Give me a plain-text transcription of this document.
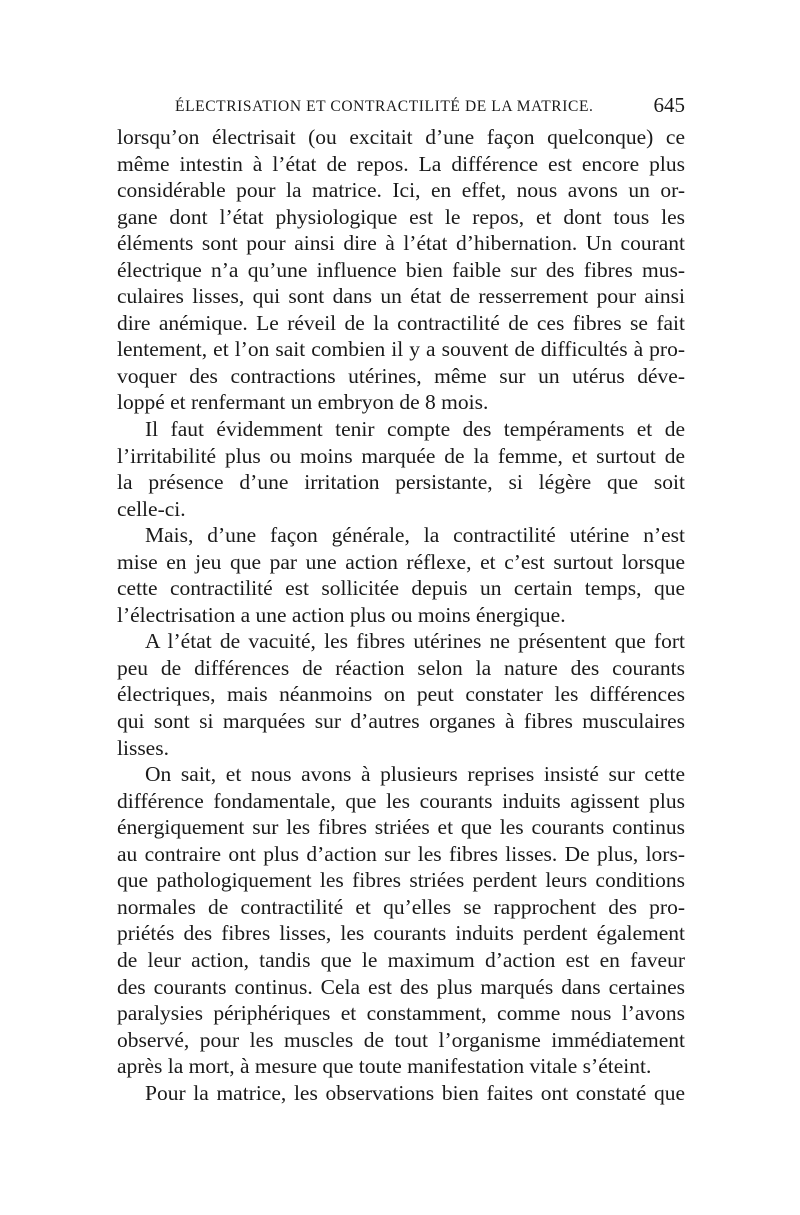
ÉLECTRISATION ET CONTRACTILITÉ DE LA MATRICE.	645
lorsqu’on électrisait (ou excitait d’une façon quelconque) ce
même intestin à l’état de repos. La différence est encore plus
considérable pour la matrice. Ici, en effet, nous avons un or-
gane dont l’état physiologique est le repos, et dont tous les
éléments sont pour ainsi dire à l’état d’hibernation. Un courant
électrique n’a qu’une influence bien faible sur des fibres mus-
culaires lisses, qui sont dans un état de resserrement pour ainsi
dire anémique. Le réveil de la contractilité de ces fibres se fait
lentement, et l’on sait combien il y a souvent de difficultés à pro-
voquer des contractions utérines, même sur un utérus déve-
loppé et renfermant un embryon de 8 mois.
Il faut évidemment tenir compte des tempéraments et de
l’irritabilité plus ou moins marquée de la femme, et surtout de
la présence d’une irritation persistante, si légère que soit
celle-ci.
Mais, d’une façon générale, la contractilité utérine n’est
mise en jeu que par une action réflexe, et c’est surtout lorsque
cette contractilité est sollicitée depuis un certain temps, que
l’électrisation a une action plus ou moins énergique.
A l’état de vacuité, les fibres utérines ne présentent que fort
peu de différences de réaction selon la nature des courants
électriques, mais néanmoins on peut constater les différences
qui sont si marquées sur d’autres organes à fibres musculaires
lisses.
On sait, et nous avons à plusieurs reprises insisté sur cette
différence fondamentale, que les courants induits agissent plus
énergiquement sur les fibres striées et que les courants continus
au contraire ont plus d’action sur les fibres lisses. De plus, lors-
que pathologiquement les fibres striées perdent leurs conditions
normales de contractilité et qu’elles se rapprochent des pro-
priétés des fibres lisses, les courants induits perdent également
de leur action, tandis que le maximum d’action est en faveur
des courants continus. Cela est des plus marqués dans certaines
paralysies périphériques et constamment, comme nous l’avons
observé, pour les muscles de tout l’organisme immédiatement
après la mort, à mesure que toute manifestation vitale s’éteint.
Pour la matrice, les observations bien faites ont constaté que
